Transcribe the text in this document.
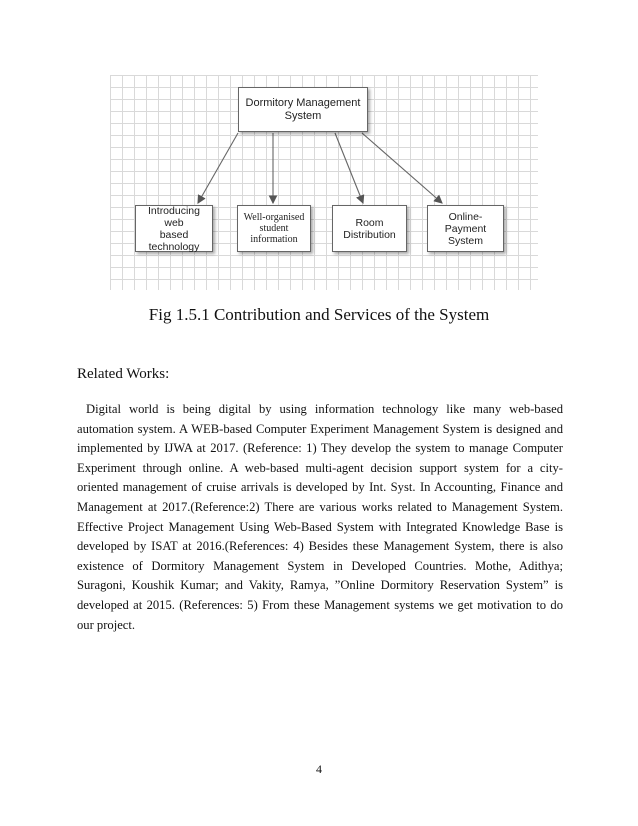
Dormitory Management
System
Introducing web
based
technology
Well-organised
student
information
Room
Distribution
Online-
Payment
System
Fig 1.5.1 Contribution and Services of the System
Related Works:
Digital world is being digital by using information technology like many web-based automation system. A WEB-based Computer Experiment Management System is designed and implemented by IJWA at 2017. (Reference: 1) They develop the system to manage Computer Experiment through online. A web-based multi-agent decision support system for a city-oriented management of cruise arrivals is developed by Int. Syst. In Accounting, Finance and Management at 2017.(Reference:2) There are various works related to Management System. Effective Project Management Using Web-Based System with Integrated Knowledge Base is developed by ISAT at 2016.(References: 4) Besides these Management System, there is also existence of Dormitory Management System in Developed Countries. Mothe, Adithya; Suragoni, Koushik Kumar; and Vakity, Ramya, ”Online Dormitory Reservation System” is developed at 2015. (References: 5) From these Management systems we get motivation to do our project.
4
